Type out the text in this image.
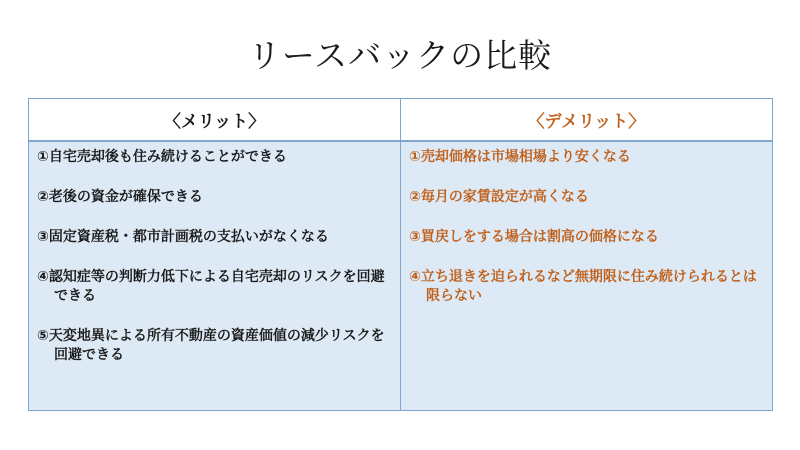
リースバックの比較
〈メリット〉
①自宅売却後も住み続けることができる
②老後の資金が確保できる
③固定資産税・都市計画税の支払いがなくなる
④認知症等の判断力低下による自宅売却のリスクを回避できる
⑤天変地異による所有不動産の資産価値の減少リスクを回避できる
〈デメリット〉
①売却価格は市場相場より安くなる
②毎月の家賃設定が高くなる
③買戻しをする場合は割高の価格になる
④立ち退きを迫られるなど無期限に住み続けられるとは限らない
